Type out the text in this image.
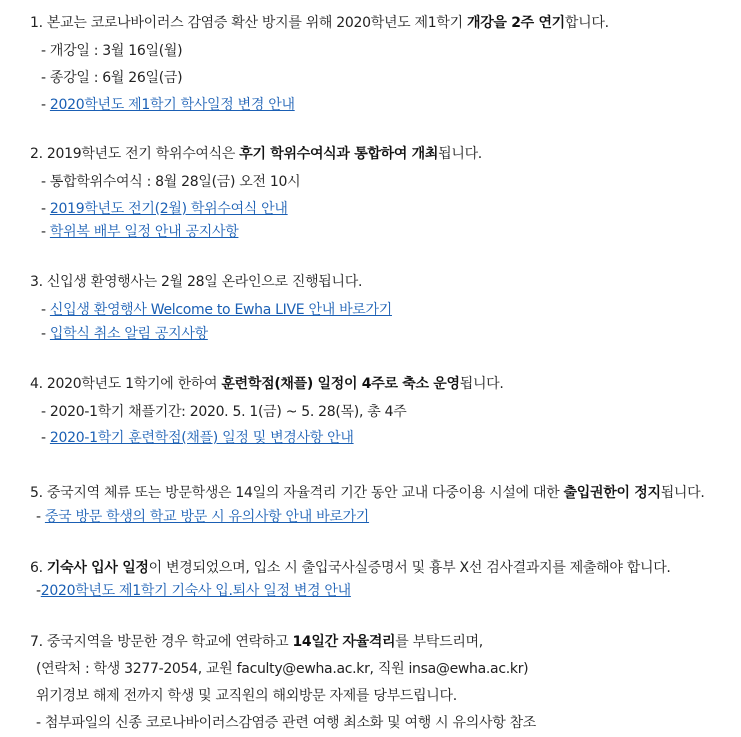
1. 본교는 코로나바이러스 감염증 확산 방지를 위해 2020학년도 제1학기 개강을 2주 연기합니다.
- 개강일 : 3월 16일(월)
- 종강일 : 6월 26일(금)
- 2020학년도 제1학기 학사일정 변경 안내
2. 2019학년도 전기 학위수여식은 후기 학위수여식과 통합하여 개최됩니다.
- 통합학위수여식 : 8월 28일(금) 오전 10시
- 2019학년도 전기(2월) 학위수여식 안내
- 학위복 배부 일정 안내 공지사항
3. 신입생 환영행사는 2월 28일 온라인으로 진행됩니다.
- 신입생 환영행사 Welcome to Ewha LIVE 안내 바로가기
- 입학식 취소 알림 공지사항
4. 2020학년도 1학기에 한하여 훈련학점(채플) 일정이 4주로 축소 운영됩니다.
- 2020-1학기 채플기간: 2020. 5. 1(금) ~ 5. 28(목), 총 4주
- 2020-1학기 훈련학점(채플) 일정 및 변경사항 안내
5. 중국지역 체류 또는 방문학생은 14일의 자율격리 기간 동안 교내 다중이용 시설에 대한 출입권한이 정지됩니다.
- 중국 방문 학생의 학교 방문 시 유의사항 안내 바로가기
6. 기숙사 입사 일정이 변경되었으며, 입소 시 출입국사실증명서 및 흉부 X선 검사결과지를 제출해야 합니다.
-2020학년도 제1학기 기숙사 입.퇴사 일정 변경 안내
7. 중국지역을 방문한 경우 학교에 연락하고 14일간 자율격리를 부탁드리며,
(연락처 : 학생 3277-2054, 교원 faculty@ewha.ac.kr, 직원 insa@ewha.ac.kr)
위기경보 해제 전까지 학생 및 교직원의 해외방문 자제를 당부드립니다.
- 첨부파일의 신종 코로나바이러스감염증 관련 여행 최소화 및 여행 시 유의사항 참조
